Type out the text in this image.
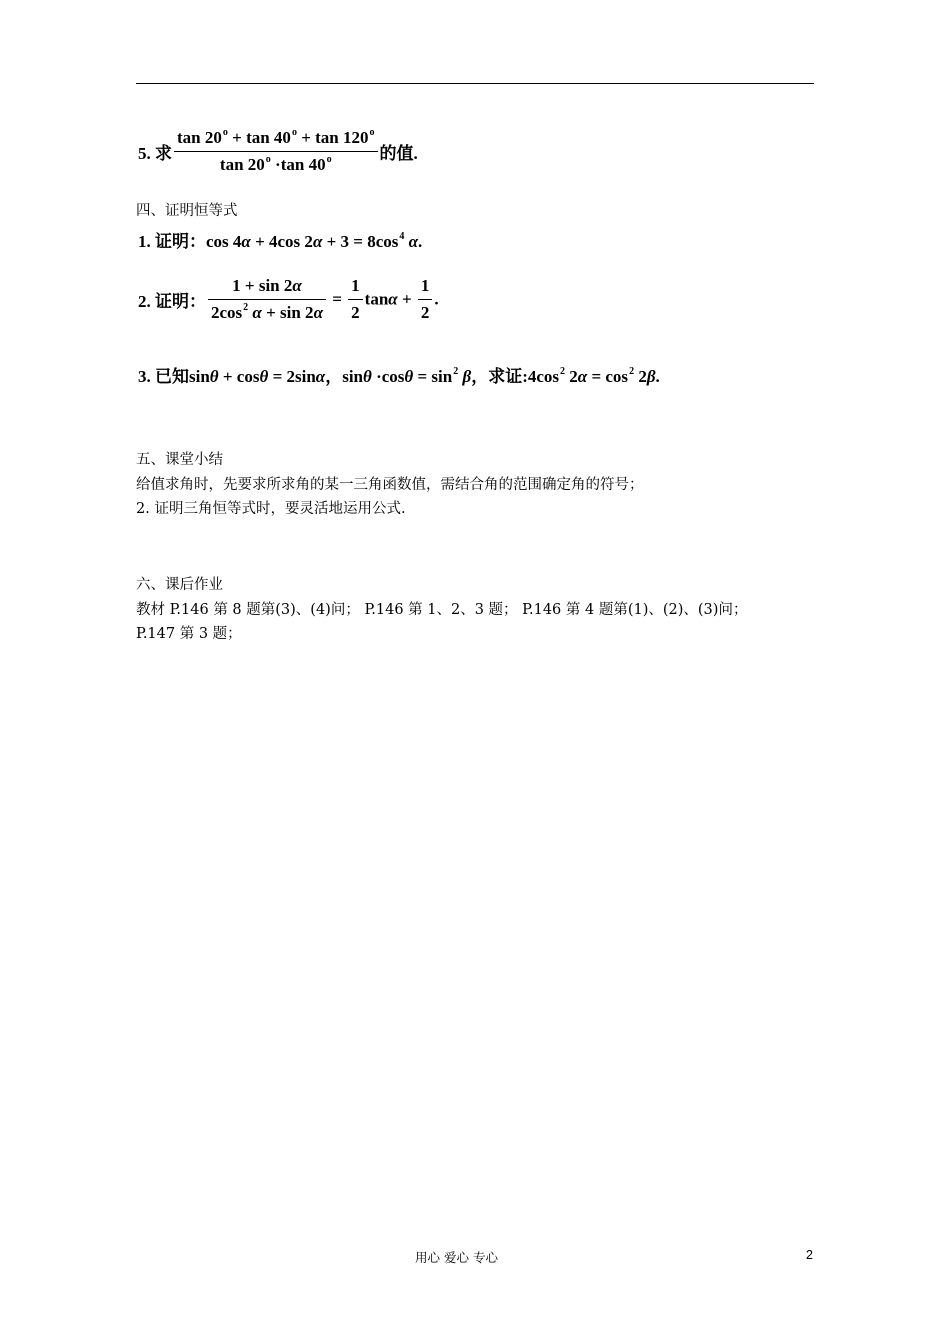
5. 求 $\frac{\tan 20^o + \tan 40^o + \tan 120^o}{\tan 20^o \cdot\tan 40^o}$ 的值.
四、证明恒等式
1. 证明：cos 4α + 4cos $2\alpha + 3 = 8\cos^4$ α.
2. 证明： $\frac{1 + \sin 2\alpha}{2\cos^2 \alpha + \sin 2\alpha} = \frac{1}{2}$ $\tan\alpha + \frac{1}{2}$ .
3. 已知sinθ + cosθ = 2sinα，$\sin\theta \cdot\cos\theta = \sin^2 \beta$，求证$:4\cos^2$ $2\alpha = \cos^2 2\beta$.
五、课堂小结
给值求角时，先要求所求角的某一三角函数值，需结合角的范围确定角的符号；
2. 证明三角恒等式时，要灵活地运用公式.
六、课后作业
教材 P.146 第 8 题第(3)、(4)问； P.146 第 1、2、3 题； P.146 第 4 题第(1)、(2)、(3)问；
P.147 第 3 题；
用心 爱心 专心	2
